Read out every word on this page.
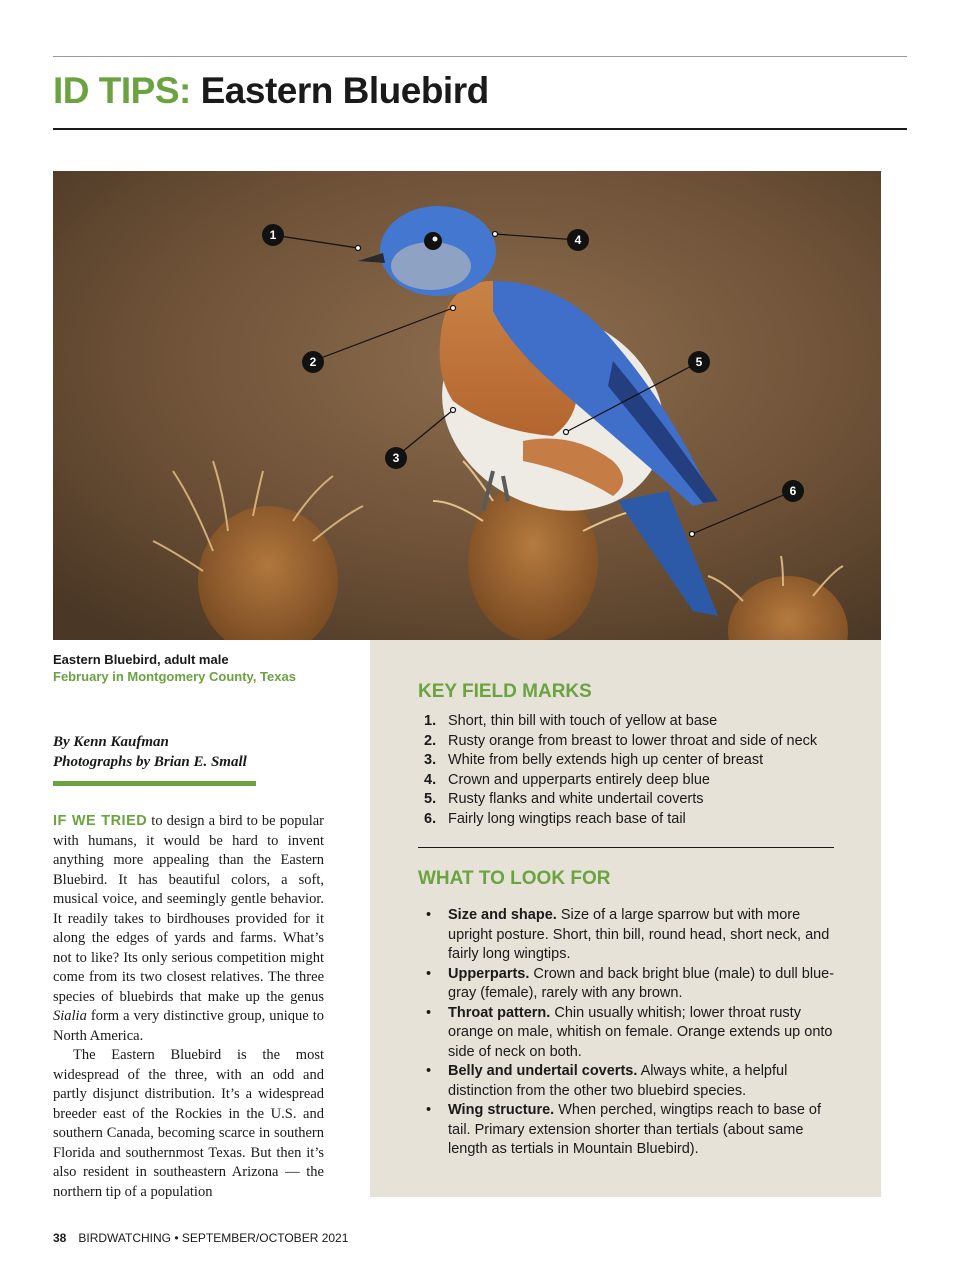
ID TIPS: Eastern Bluebird
1
2
3
4
5
6
Eastern Bluebird, adult male
February in Montgomery County, Texas
By Kenn Kaufman
Photographs by Brian E. Small

IF WE TRIED to design a bird to be popular with humans, it would be hard to invent anything more appealing than the Eastern Bluebird. It has beautiful colors, a soft, musical voice, and seemingly gentle behavior. It readily takes to birdhouses provided for it along the edges of yards and farms. What’s not to like? Its only serious competition might come from its two closest relatives. The three species of bluebirds that make up the genus Sialia form a very distinctive group, unique to North America.

The Eastern Bluebird is the most widespread of the three, with an odd and partly disjunct distribution. It’s a widespread breeder east of the Rockies in the U.S. and southern Canada, becoming scarce in southern Florida and southernmost Texas. But then it’s also resident in southeastern Arizona — the northern tip of a population

KEY FIELD MARKS
1. Short, thin bill with touch of yellow at base
2. Rusty orange from breast to lower throat and side of neck
3. White from belly extends high up center of breast
4. Crown and upperparts entirely deep blue
5. Rusty flanks and white undertail coverts
6. Fairly long wingtips reach base of tail
WHAT TO LOOK FOR
• Size and shape. Size of a large sparrow but with more upright posture. Short, thin bill, round head, short neck, and fairly long wingtips.
• Upperparts. Crown and back bright blue (male) to dull blue-gray (female), rarely with any brown.
• Throat pattern. Chin usually whitish; lower throat rusty orange on male, whitish on female. Orange extends up onto side of neck on both.
• Belly and undertail coverts. Always white, a helpful distinction from the other two bluebird species.
• Wing structure. When perched, wingtips reach to base of tail. Primary extension shorter than tertials (about same length as tertials in Mountain Bluebird).
38 BIRDWATCHING • SEPTEMBER/OCTOBER 2021
